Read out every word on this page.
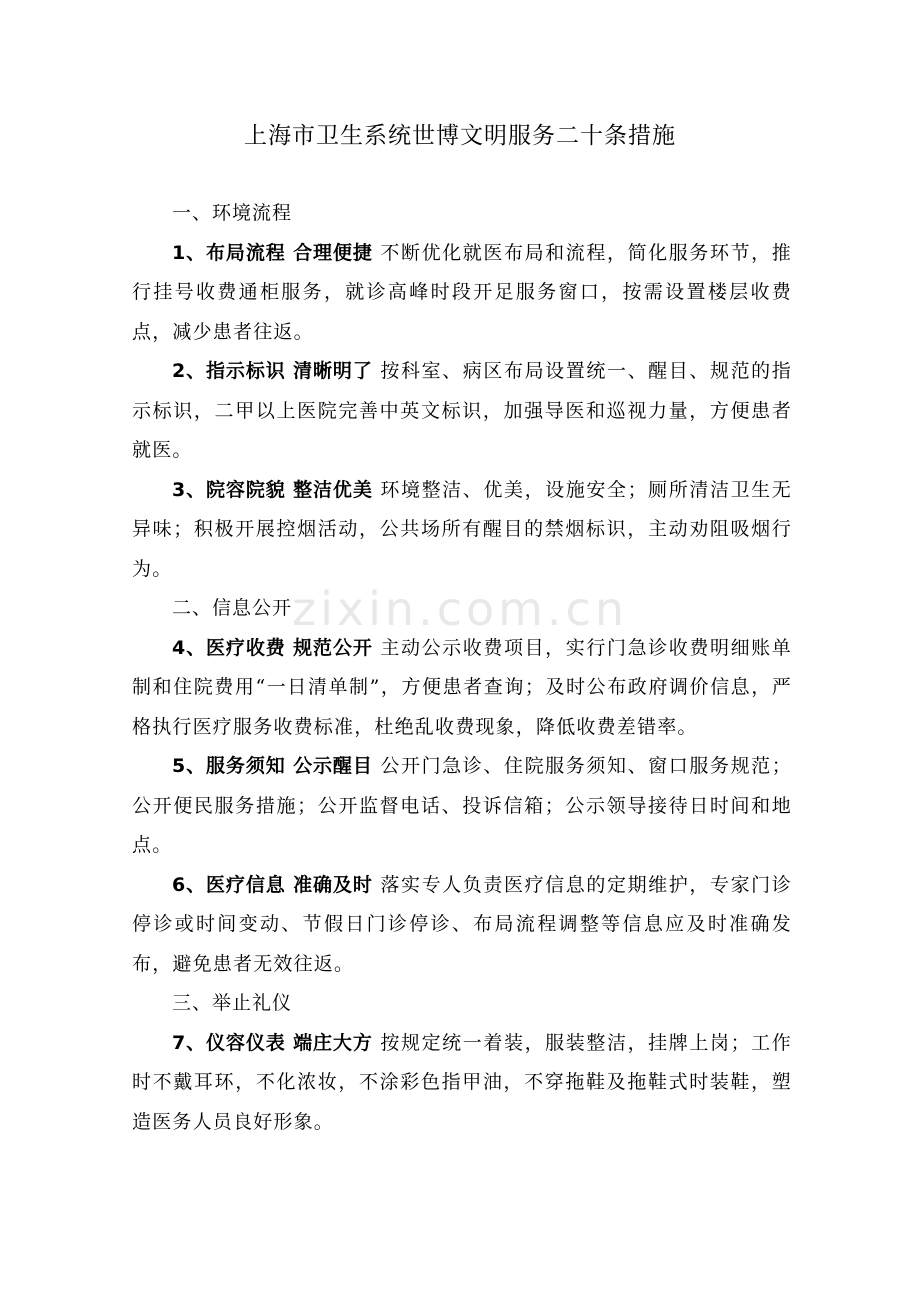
上海市卫生系统世博文明服务二十条措施
zixin.com.cn

一、环境流程

1、布局流程 合理便捷 不断优化就医布局和流程，简化服务环节，推行挂号收费通柜服务，就诊高峰时段开足服务窗口，按需设置楼层收费点，减少患者往返。

2、指示标识 清晰明了 按科室、病区布局设置统一、醒目、规范的指示标识，二甲以上医院完善中英文标识，加强导医和巡视力量，方便患者就医。

3、院容院貌 整洁优美 环境整洁、优美，设施安全；厕所清洁卫生无异味；积极开展控烟活动，公共场所有醒目的禁烟标识，主动劝阻吸烟行为。

二、信息公开

4、医疗收费 规范公开 主动公示收费项目，实行门急诊收费明细账单制和住院费用“一日清单制”，方便患者查询；及时公布政府调价信息，严格执行医疗服务收费标准，杜绝乱收费现象，降低收费差错率。

5、服务须知 公示醒目 公开门急诊、住院服务须知、窗口服务规范；公开便民服务措施；公开监督电话、投诉信箱；公示领导接待日时间和地点。

6、医疗信息 准确及时 落实专人负责医疗信息的定期维护，专家门诊停诊或时间变动、节假日门诊停诊、布局流程调整等信息应及时准确发布，避免患者无效往返。

三、举止礼仪

7、仪容仪表 端庄大方 按规定统一着装，服装整洁，挂牌上岗；工作时不戴耳环，不化浓妆，不涂彩色指甲油，不穿拖鞋及拖鞋式时装鞋，塑造医务人员良好形象。
